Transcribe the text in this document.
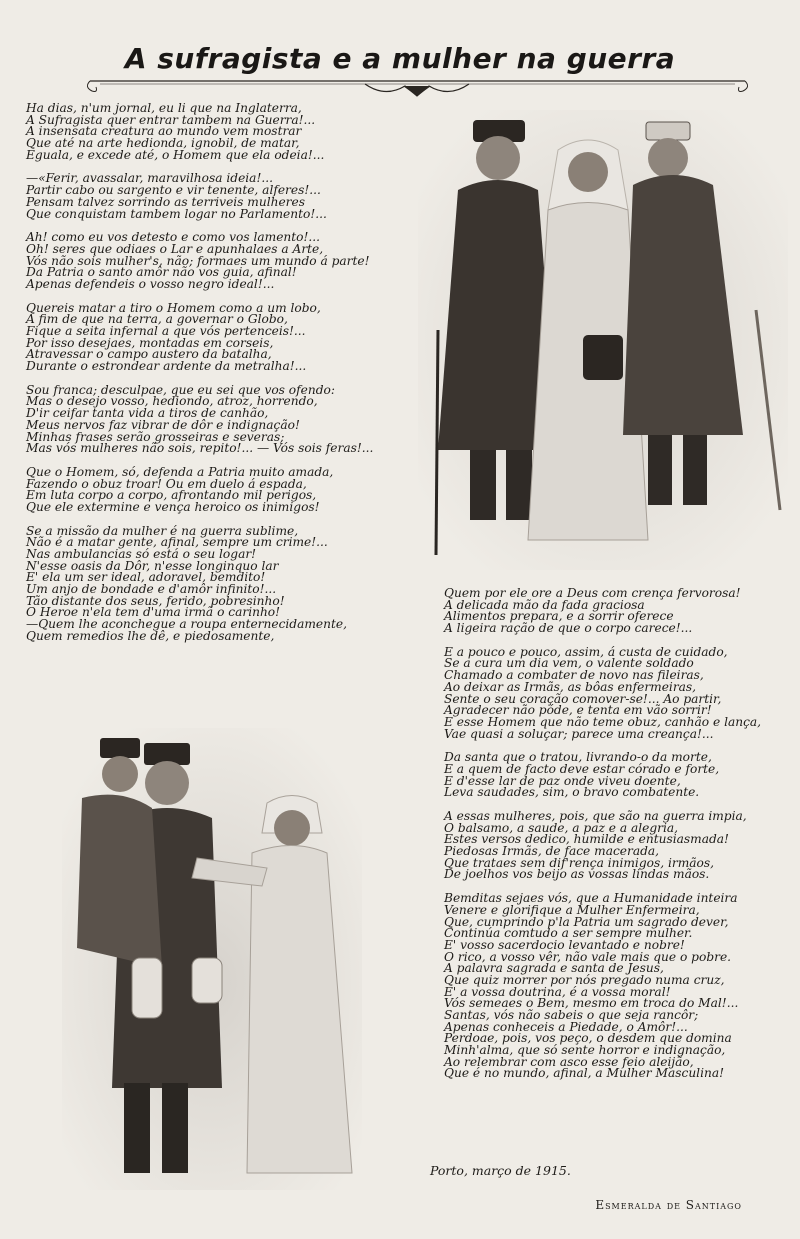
A sufragista e a mulher na guerra
Ha dias, n'um jornal, eu li que na Inglaterra,
A Sufragista quer entrar tambem na Guerra!...
A insensata creatura ao mundo vem mostrar
Que até na arte hedionda, ignobil, de matar,
Eguala, e excede até, o Homem que ela odeia!...
—«Ferir, avassalar, maravilhosa ideia!...
Partir cabo ou sargento e vir tenente, alferes!...
Pensam talvez sorrindo as terriveis mulheres
Que conquistam tambem logar no Parlamento!...
Ah! como eu vos detesto e como vos lamento!...
Oh! seres que odiaes o Lar e apunhalaes a Arte,
Vós não sois mulher's, não; formaes um mundo á parte!
Da Patria o santo amôr não vos guia, afinal!
Apenas defendeis o vosso negro ideal!...
Quereis matar a tiro o Homem como a um lobo,
A fim de que na terra, a governar o Globo,
Fique a seita infernal a que vós pertenceis!...
Por isso desejaes, montadas em corseis,
Atravessar o campo austero da batalha,
Durante o estrondear ardente da metralha!...
Sou franca; desculpae, que eu sei que vos ofendo:
Mas o desejo vosso, hediondo, atroz, horrendo,
D'ir ceifar tanta vida a tiros de canhão,
Meus nervos faz vibrar de dôr e indignação!
Minhas frases serão grosseiras e severas;
Mas vós mulheres não sois, repito!... — Vós sois feras!...
Que o Homem, só, defenda a Patria muito amada,
Fazendo o obuz troar! Ou em duelo á espada,
Em luta corpo a corpo, afrontando mil perigos,
Que ele extermine e vença heroico os inimigos!
Se a missão da mulher é na guerra sublime,
Não é a matar gente, afinal, sempre um crime!...
Nas ambulancias só está o seu logar!
N'esse oasis da Dôr, n'esse longinquo lar
E' ela um ser ideal, adoravel, bemdito!
Um anjo de bondade e d'amôr infinito!...
Tão distante dos seus, ferido, pobresinho!
O Heroe n'ela tem d'uma irmã o carinho!
—Quem lhe aconchegue a roupa enternecidamente,
Quem remedios lhe dê, e piedosamente,
Quem por ele ore a Deus com crença fervorosa!
A delicada mão da fada graciosa
Alimentos prepara, e a sorrir oferece
A ligeira ração de que o corpo carece!...
E a pouco e pouco, assim, á custa de cuidado,
Se a cura um dia vem, o valente soldado
Chamado a combater de novo nas fileiras,
Ao deixar as Irmãs, as bôas enfermeiras,
Sente o seu coração comover-se!... Ao partir,
Agradecer não póde, e tenta em vão sorrir!
E esse Homem que não teme obuz, canhão e lança,
Vae quasi a soluçar; parece uma creança!...
Da santa que o tratou, livrando-o da morte,
E a quem de facto deve estar córado e forte,
E d'esse lar de paz onde viveu doente,
Leva saudades, sim, o bravo combatente.
A essas mulheres, pois, que são na guerra impia,
O balsamo, a saude, a paz e a alegria,
Estes versos dedico, humilde e entusiasmada!
Piedosas Irmãs, de face macerada,
Que trataes sem dif'rença inimigos, irmãos,
De joelhos vos beijo as vossas lindas mãos.
Bemditas sejaes vós, que a Humanidade inteira
Venere e glorifique a Mulher Enfermeira,
Que, cumprindo p'la Patria um sagrado dever,
Continúa comtudo a ser sempre mulher.
E' vosso sacerdocio levantado e nobre!
O rico, a vosso vêr, não vale mais que o pobre.
A palavra sagrada e santa de Jesus,
Que quiz morrer por nós pregado numa cruz,
E' a vossa doutrina, é a vossa moral!
Vós semeaes o Bem, mesmo em troca do Mal!...
Santas, vós não sabeis o que seja rancôr;
Apenas conheceis a Piedade, o Amôr!...
Perdoae, pois, vos peço, o desdem que domina
Minh'alma, que só sente horror e indignação,
Ao relembrar com asco esse feio aleijão,
Que é no mundo, afinal, a Mulher Masculina!
Porto, março de 1915.
Esmeralda de Santiago
